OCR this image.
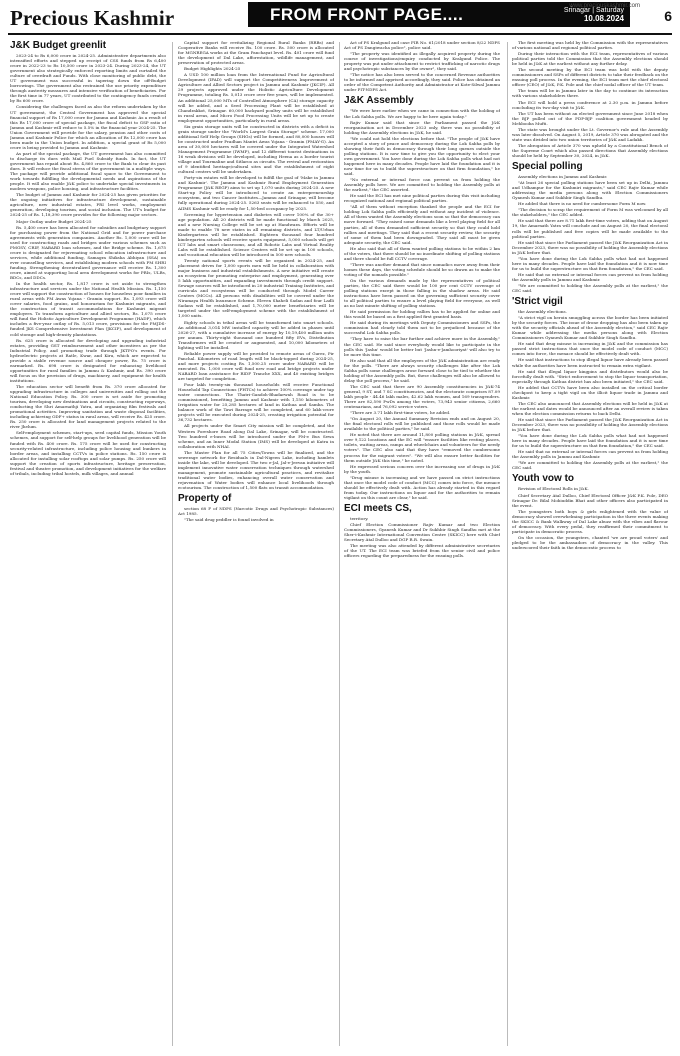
Precious Kashmir	FROM FRONT PAGE....	Srinagar | Saturday
10.08.2024
www.preciouskashmir.com
6
J&K Budget greenlit

2023-24 to Rs 6,000 crore in 2024-25. Administrative departments also intensified efforts and stepped up receipt of CSS funds from Rs 6,400 crore in 2022-23 to Rs 10,500 crore in 2023-24. During 2023-24, the UT government also strategically enforced reporting limits and curtailed the culture of overdraft and Funds. With close monitoring of public debt, the UT government was successful in tapering down the off-Budget borrowings. The government also restrained the use priority expenditure through austerity measures and intensive verification of beneficiaries. For the first time in 77 years, UT contributed to the contingency funds created by Rs 600 crore.

Considering the challenges faced as also the reform undertaken by the UT government, the Central Government has approved the special financial support of Rs 17,000 crore for Jammu and Kashmir. As a result of this Rs 17,000 crore of special package, the fiscal deficit to GSP ratio of Jammu and Kashmir will reduce to 5.5% in the financial year 2024-25. The Union Government will provide for the salary, pension and other costs of Jammu and Kashmir Police for which an allocation of Rs 12,000 crore has been made in the Union budget. In addition, a special grant of Rs 5,000 crore is being provided to Jammu and Kashmir.

As part of the special package, the UT government has also committed to discharge its dues with Mail Fuel Subsidy funds. In fact, the UT government has repaid about Rs. 4,860 crore to the Bank to clear its past dues. It will reduce the fiscal stress of the government in a multiple ways. The package will provide additional fiscal space to the Government to work towards fulfilling the developmental needs and aspirations of the people. It will also enable J&K police to undertake special investments in modern weapons, police housing, and infrastructure facilities.

The budget of Jammu and Kashmir for 2024-25 has given priorities for the ongoing initiatives for infrastructure development, sustainable agriculture, new industrial estates, PRI level works, employment generation, developing tourism, and social inclusion. The UT's budget for 2024-25 of Rs. 1,18,390 crore provides for the following major sectors.

Major Outlay under Budget 2024-25

Rs. 5,400 crore has been allocated for subsidies and budgetary support for purchasing power from the National Grid and for power purchase agreements with generation companies. Another Rs. 1,000 crore will be used for constructing roads and bridges under various schemes such as PMGSY, CRIF, NABARD loan schemes, and the Bridge scheme. Rs. 1,675 crore is designated for rejuvenating school education infrastructure and services, while additional funding, Samagra Shiksha Abhiyan (SSA) on ever counselling services, and establishing modern schools with PM SHRI funding. Strengthening decentralized governance will receive Rs. 1,300 crore, aimed at supporting local area development works for PRIs, ULBs, BDCs, and DDCs.

In the health sector, Rs. 1,817 crore is set aside to strengthen infrastructure and services under the National Health Mission. Rs. 1,150 crore will support the construction of houses for houseless poor families in rural areas with PM Awas Yojana - Gramin support. Rs. 1,093 crore will cover salaries, food grains, and honorarium for Kashmiri migrants, and the construction of transit accommodations for Kashmiri migrant employees. To transform agriculture and allied sectors, Rs. 1,075 crore will fund the Holistic Agriculture Development Programme (HADP), which includes a five-year outlay of Rs. 5,013 crore, provisions for the PMJDS-funded JKS Comprehensive Investment Plan (JKCIP), and development of cold storage and high-density plantations.

Rs. 625 crore is allocated for developing and upgrading industrial estates, providing GST reimbursement and other incentives as per the Industrial Policy, and promoting trade through JKTPO's events. For hydroelectric projects at Ratle, Kwar, and Kiru, which are expected to provide a stable revenue source and cheaper power, Rs. 75 crore is earmarked. Rs. 698 crore is designated for enhancing livelihood opportunities for rural families in Jammu & Kashmir, and Rs. 390 crore will focus on the provision of drugs, machinery, and equipment for health institutions.

The education sector will benefit from Rs. 370 crore allocated for upgrading infrastructure in colleges and universities and rolling out the National Education Policy. Rs. 300 crore is set aside for promoting tourism, developing new destinations and circuits, constructing ropeways, conducting the Shri Amarnathji Yatra, and organizing film festivals and promotional activities. Improving sanitation and waste disposal facilities, including achieving ODF+ status in rural areas, will receive Rs. 425 crore. Rs. 250 crore is allocated for land management projects related to the river Jhelum.

Self-employment schemes, start-ups, seed capital funds, Mission Youth schemes, and support for self-help groups for livelihood generation will be funded with Rs. 400 crore. Rs. 175 crore will be used for constructing security-related infrastructure, including police housing and bunkers in border areas, and installing CCTVs in police stations. Rs. 150 crore is allocated for installing solar rooftops and solar pumps. Rs. 250 crore will support the creation of sports infrastructure, heritage preservation, festival and theatre promotion, and development initiatives for the welfare of tribals, including tribal hostels, milk villages, and annual

Capital support for revitalizing Regional Rural Banks (RRBs) and Cooperative Banks will receive Rs. 100 crore. Rs. 500 crore is allocated for MGNREGA works at the Gram Panchayat level. Rs. 401 crore will fund the development of Dal Lake, afforestation, wildlife management, and preservation of protected areas.

Budget Highlights 2024-25

A USD 100 million loan from the International Fund for Agricultural Development (IFAD) will support the Competitiveness Improvement of Agriculture and Allied Sectors project in Jammu and Kashmir (JKCIP). All 29 projects approved under the Holistic Agriculture Development Programme, totaling Rs. 5,013 crore over five years, will be implemented. An additional 25,000 MTs of Controlled Atmosphere (CA) storage capacity will be added, and a Seed Processing Plant will be established at Chandrakkot, Srinagar. 60,000 backyard poultry units will be established in rural areas, and Micro Food Processing Units will be set up to create employment opportunities, particularly in rural areas.

Six grain storage units will be constructed in districts with a deficit in grain storage under the "World's Largest Grain Storage" scheme. 17,000 additional Self Help Groups (SHGs) will be formed, and 80,000 houses will be constructed under Pradhan Mantri Awas Yojana - Gramin (PMAY-G). An area of 30,000 hectares will be covered under the Integrated Watershed Management Programme (IWMP), and 12 different tourist destinations in 16 weak divisions will be developed, including Heena as a border tourist village and Tourmaline and Sitlaroo as circuits. The revival and restoration of 9 identified heritage/cultural sites and the establishment of eight cultural centers will be undertaken.

Forty-six estates will be developed to fulfill the goal of 'Make in Jammu and Kashmir'. The Jammu and Kashmir Rural Employment Generation Programme (J&K REGP) aims to set up 1,070 units during 2024-25. A new Start-up Policy will be introduced to create an entrepreneurship ecosystem, and two Cancer Institutes—Jammu and Srinagar, will become fully operational during 2024-25. 5263 seats will be enhanced to 550, and AIIMS Kashmir will be ready for 1,50-bed occupancy by 2025.

Screening for hypertension and diabetes will cover 100% of the 30+ age population. All 20 districts will be made functional by March 2025, and a new Nursing College will be set up at Handwara. Efforts will be made to enable 78 new states in all remaining districts, and LT/Urban Kindergartens will be established. Eighteen thousand four hundred kindergarten schools will receive sports equipment, 5,000 schools will get ICT labs and smart classrooms, and all Robotic Labs and Virtual Reality Labs will be established. Science Centres will be set up in 100 schools, and vocational education will be introduced in 500 new schools.

Twenty national sports events will be organized in 2024-25, and placement drives for 1,000 sports men will be held in collaboration with major business and industrial establishments. A new initiative will create an ecosystem for promoting enterprise and employment, generating over 5 lakh opportunities, and expanding investments through credit support. Sewage sources will be introduced in 20 industrial Training Institutes, and curricula and ecosystems will be conducted through Model Career Centers (MCCs). All persons with disabilities will be covered under the Niramaya Health Insurance Scheme. Eleven Shaheli Sadan and four Ladli Sadans will be established, and 1,70,000 meter beneficiaries will be targeted under the self-employment scheme with the establishment of 1,000 units.

Eighty schools in tribal areas will be transformed into smart schools. An additional 3,014 MW installed capacity will be added in phases until 2026-27, with a cumulative increase of energy by 10,19,400 million units per annum. Thirty-eight thousand one hundred fifty EVs, Distribution Transformers will be created or augmented, and 10,000 kilometers of lighting will be installed.

Reliable power supply will be provided to remote areas of Gurez, Pir Panchal. Kilometres of road length will be black-topped during 2024-25, and more projects costing Rs. 1,500.25 crore under NABARD will be executed. Rs. 1,000 crore will fund new road and bridge projects under NABARD loan assistance for RIDF Tranche XXX, and 40 existing bridges are targeted for completion.

Four lakh twenty-six thousand households will receive Functional Household Tap Connections (FHTCs) to achieve 100% coverage under tap water connections. The Thatri-Gandoh-Bhadarwah Road is to be commissioned, benefiting Jammu and Kashmir with 1,150 kilometers of Irrigation water for 25,285 hectares of land in Kathua and Samba. The balance work of the Tawi Barrage will be completed, and 60 lakh-crore projects will be executed during 2024-25, creating irrigation potential for 36,732 hectares.

All projects under the Smart City mission will be completed, and the Western Foreshore Road along Dal Lake, Srinagar, will be constructed. Two hundred e-buses will be introduced under the PM-e Bus Sewa scheme, and an Inner Modal Station (IMS) will be developed at Katra in collaboration with NHAI.

The Master Plan for all 75 Cities/Towns will be finalized, and the sewerage network for Residuals in Dal-Nigeen Lake, including hamlets inside the lake, will be developed. The two e-Jal, Jal-e-Jeevan initiative will implement innovative water conservation techniques through watershed management, promote sustainable agricultural practices, and revitalize traditional water bodies, enhancing overall water conservation and rejuvenation of Water bodies will enhance local livelihoods through ecotourism. The construction of 1,500 flats on transit accommodation.

Property of

section 68 F of NDPS (Narcotic Drugs and Psychotropic Substances) Act 1985.

"The said drug peddler is found involved in

Act of PS Kralgund and case FIR No. 61/2018 under section 8/22 NDPS Act of PS Dangiwacha police", police said.

"The property was identified as illegally acquired property during the course of investigations/enquiry conducted by Kralgund Police. The property was put under attachment to restrict trafficking of narcotic drugs and psychotropic substances by the owner", they said.

"The notice has also been served to the concerned Revenue authorities to be informed and apprised accordingly, they said. Police has obtained an order of the Competent Authority and Administrator at Kote-Silwal Jammu under PIT-NDPS Act.

J&K Assembly

"We were here earlier when we came in connection with the holding of the Lok Sabha polls. We are happy to be here again today."

Rajiv Kumar said that since the Parliament passed the J&K reorganisation act in December 2023 only, there was no possibility of holding the Assembly elections in J&K, he said.

"We could not hold the elections before that. "The people of J&K have accepted a story of peace and democracy during the Lok Sabha polls by showing their faith in democracy through their long queues outside the polling stations. It is now time to give you the opportunity to elect your own government. You have done during the Lok Sabha polls what had not happened here in many decades. People have laid the foundation and it is now time for us to build the superstructure on that firm foundation," he said.

"No external or internal force can prevent us from holding the Assembly polls here. We are committed to holding the Assembly polls at the earliest," the CEC asserted.

He said the ECI has met nine political parties during this visit including recognized national and regional political parties.

"All of them without exception thanked the people and the ECI for holding Lok Sabha polls efficiently and without any incident of violence. All of them wanted the Assembly elections soon so that the democracy can move forward. "They raised some demands like a level playing field for all parties, all of them demanded sufficient security so that they could hold rallies and meetings. They said that a recent security review, the security of some of them had been downgraded. They said all must be given adequate security, the CEC said.

He also said that all of them wanted polling stations to be within 2 km of the voters, that there should be no inordinate shifting of polling stations and there should be full CCTV coverage.

"There was another demand that since nomadics move away from their homes these days, the voting schedule should be so drawn as to make the voting of the nomads possible."

On the various demands made by the representatives of political parties, the CEC said there would be 100 per cent CCTV coverage of polling stations except in those falling in the shadow areas. He said instructions have been passed on the governing sufficient security cover to all political parties to ensure a level playing field for everyone, as well as no last minute shifting of polling stations.

He said permission for holding rallies has to be applied for online and this would be based on a first applied first granted basis.

He said during its meetings with Deputy Commissioners and SSPs, the commission had clearly told them not to be prejudiced because of the successful Lok Sabha polls.

"They have to raise the bar further and achieve more in the Assembly," the CEC said. He said since everybody would like to participate in the polls this 'Jashn' would be better but 'Jashn-e-Jamhooriyat' will also try to be more this time.

He also said that all the employees of the J&K administration are ready for the polls. "There are always security challenges like after the Lok Sabha polls some challenges arose forward close to be tied to whether the holding of the Assembly polls. But, these challenges will also be allowed to delay the poll process," he said.

The CEC said that there are 90 Assembly constituencies in J&K-74 general, 9 ST, and 7 SC constituencies, and the electorate comprises 87.09 lakh people - 44.46 lakh males, 42.62 lakh women, and 169 transgenders. There are 82,590 PwDs among the voters, 73,943 senior citizens, 2,660 centenarians, and 76,092 service voters.

"There are 3.71 lakh first-time voters, he added.

"On August 20, the Annual Summary Revision ends and on August 20, the final electoral rolls will be published and those rolls would be made available to the political parties," he said.

He noted that there are around 11,800 polling stations in J&K, spread over 9,122 locations and the EC will "ensure facilities like resting places, toilets, waiting areas, ramps and wheelchairs and volunteers for the needy voters". The CEC also said that they have "removed the cumbersome process for the migrant voters". "We will also ensure better facilities for them outside J&K this time," he noted.

He expressed serious concern over the increasing use of drugs in J&K by the youth.

"Drug misuse is increasing and we have passed on strict instructions that once the model code of conduct (MCC) comes into force, the menace should be effectively dealt with. Action has already started in this regard from today. Our instructions on liquor and for the authorities to remain vigilant on this count are clear," he said.

ECI meets CS,

territory.

Chief Election Commissioner Rajiv Kumar and two Election Commissioners, Gyanesh Kumar and Dr Sukhbir Singh Sandhu met at the Sher-i-Kashmir International Convention Centre (SKICC) here with Chief Secretary Atal Dulloo and DGP R.R. Swain.

The meeting was also attended by different administrative secretaries of the UT. The ECI team was briefed from the senior civil and police officers regarding the preparedness for the ensuing polls.

The first meeting was held by the Commission with the representatives of various national and regional political parties.

During their interaction with the ECI team, representatives of various political parties told the Commission that the Assembly elections should be held in J&K at the earliest without any further delay.

The second meeting by the ECI team was held with the deputy commissioners and SSPs of different districts to take their feedback on the ensuing poll process. In the evening, the ECI team met the chief electoral officer (CEO) of J&K, P.K. Pole and the chief nodal officer of the UT team.

The team will be in Jammu later in the day to continue its interaction with various stakeholders there.

The ECI will hold a press conference at 2.30 p.m. in Jammu before concluding its two-day visit to J&K.

The UT has been without an elected government since June 2018 when the BJP pulled out of the PDP-BJP coalition government headed by Mehbooba Mufti.

The state was brought under the Lt. Governor's rule and the Assembly was later dissolved. On August 5, 2019, Article 370 was abrogated and the state was divided into two union territories of J&K and Ladakh.

The abrogation of Article 370 was upheld by a Constitutional Bench of the Supreme Court which also passed directions that Assembly elections should be held by September 30, 2024, in J&K.

Special polling

Assembly elections in Jammu and Kashmir.

"At least 26 special polling stations have been set up in Delhi, Jammu and Udhampur for the Kashmiri migrants," said CEC Rajiv Kumar while addressing the media persons along with Election Commissioners Gyanesh Kumar and Sukhbir Singh Sandhu.

He added that there is no need for cumbersome Form M now.

"The decision to scrap the requirement of Form M was welcomed by all the stakeholders," the CEC added.

He said that there are 8.71 lakh first-time voters, adding that on August 19, the Amarnath Yatra will conclude and on August 20, the final electoral rolls will be published and free copies will be made available to the political parties.

He said that since the Parliament passed the J&K Reorganization Act in December 2023, there was no possibility of holding the Assembly elections in J&K before that.

"You have done during the Lok Sabha polls what had not happened here in many decades. People have laid the foundation and it is now time for us to build the superstructure on that firm foundation," the CEC said.

He said that no external or internal forces can prevent us from holding the Assembly polls in Jammu and Kashmir.

"We are committed to holding the Assembly polls at the earliest," the CEC said.

'Strict vigil

the Assembly elections.

"A strict vigil on heroin smuggling across the border has been initiated by the security forces. The issue of drone dropping has also been taken up with the security officials ahead of the Assembly election," said CEC Rajiv Kumar while addressing the media persons along with Election Commissioners Gyanesh Kumar and Sukhbir Singh Sandhu.

He said that drug misuse is increasing in J&K and the commission has passed strict instructions that once the model code of conduct (MCC) comes into force, the menace should be effectively dealt with.

He said that instructions to stop illegal liquor have already been passed while the authorities have been instructed to remain extra vigilant.

He said that illegal liquor kingpins and distributors would also be forcefully dealt with. "Strict enforcement to stop the liquor transportation, especially through Kathua district has also been initiated," the CEC said.

He added that CCTVs have been also installed on the critical border checkpost to keep a tight vigil on the illicit liquor trade in Jammu and Kashmir.

The CEC also announced that Assembly elections will be held in J&K at the earliest and dates would be announced after an overall review is taken when the election commission returns to back Delhi.

He said that since the Parliament passed the J&K Reorganization Act in December 2023, there was no possibility of holding the Assembly elections in J&K before that.

"You have done during the Lok Sabha polls what had not happened here in many decades. People have laid the foundation and it is now time for us to build the superstructure on that firm foundation," the CEC said.

He said that no external or internal forces can prevent us from holding the Assembly polls in Jammu and Kashmir.

"We are committed to holding the Assembly polls at the earliest," the CEC said.

Youth vow to

Revision of Electoral Rolls in J&K.

Chief Secretary Atal Dulloo, Chief Electoral Officer J&K P.K. Pole, DEO Srinagar Dr. Bilal Mohiuddin Bhat and other officers also participated in the event.

The youngsters both boys & girls enlightened with the value of democracy showed overwhelming participation in the three events making the SKICC & Bank Walkway of Dal Lake abuzz with the vibes and flavour of democracy. With every pedal, they reaffirmed their commitment to participate in democratic process.

On the occasion, the youngsters, chanted 'we are proud voters' and pledged to be the ambassadors of democracy in the valley. This underscored their faith in the democratic process to
